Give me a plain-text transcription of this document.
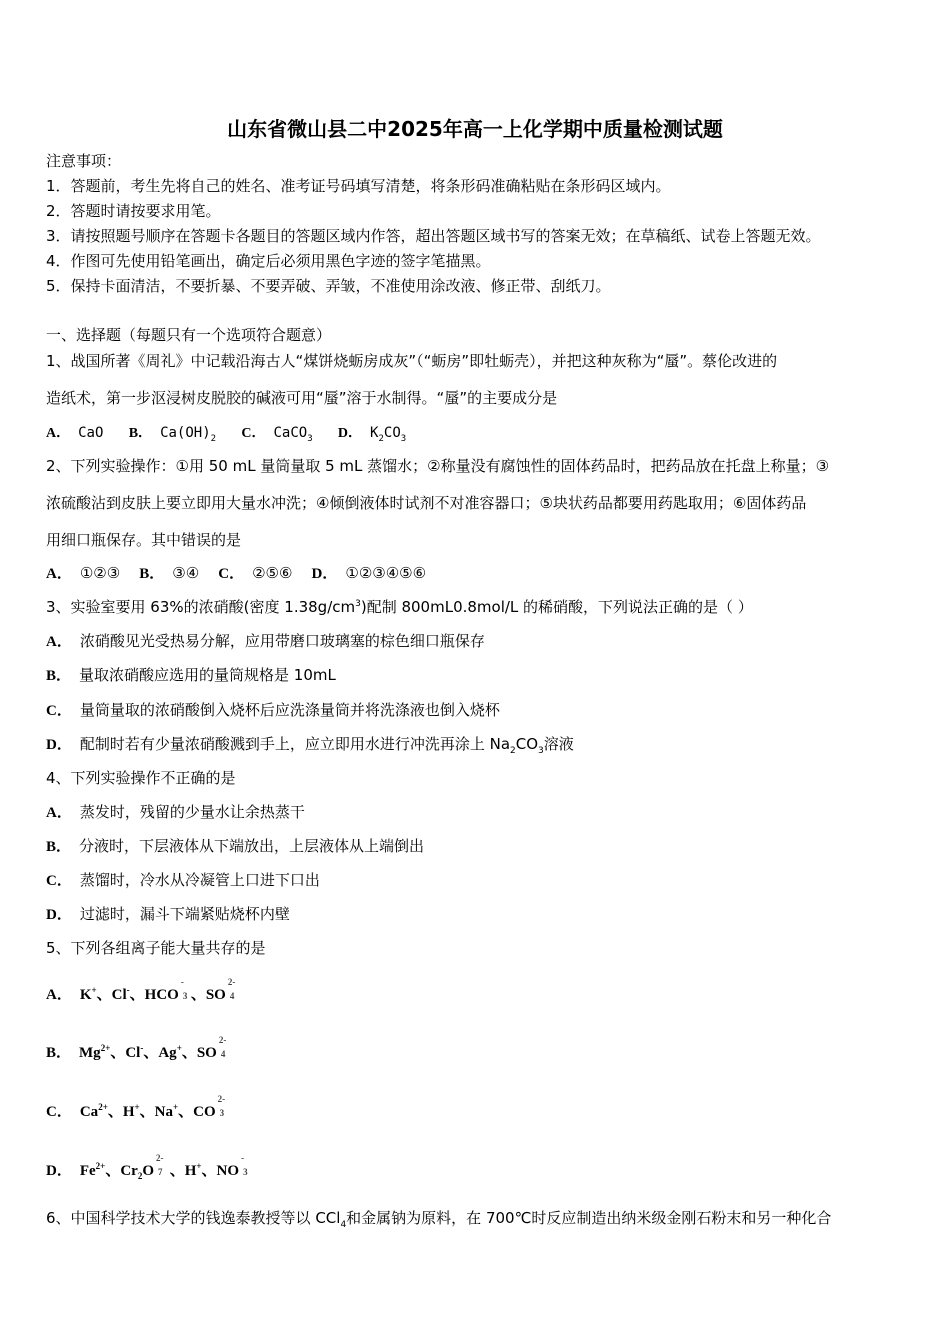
山东省微山县二中2025年高一上化学期中质量检测试题
注意事项：
1．答题前，考生先将自己的姓名、准考证号码填写清楚，将条形码准确粘贴在条形码区域内。
2．答题时请按要求用笔。
3．请按照题号顺序在答题卡各题目的答题区域内作答，超出答题区域书写的答案无效；在草稿纸、试卷上答题无效。
4．作图可先使用铅笔画出，确定后必须用黑色字迹的签字笔描黑。
5．保持卡面清洁，不要折暴、不要弄破、弄皱，不准使用涂改液、修正带、刮纸刀。
一、选择题（每题只有一个选项符合题意）
1、战国所著《周礼》中记载沿海古人“煤饼烧蛎房成灰”（“蛎房”即牡蛎壳），并把这种灰称为“蜃”。蔡伦改进的
造纸术，第一步沤浸树皮脱胶的碱液可用“蜃”溶于水制得。“蜃”的主要成分是
A． CaO B． $Ca(OH)_2$ C． CaCO$_3$ D． $K_2CO_3$
2、下列实验操作：①用 50 mL 量筒量取 5 mL 蒸馏水；②称量没有腐蚀性的固体药品时，把药品放在托盘上称量；③
浓硫酸沾到皮肤上要立即用大量水冲洗；④倾倒液体时试剂不对准容器口；⑤块状药品都要用药匙取用；⑥固体药品
用细口瓶保存。其中错误的是
A． ①②③ B． ③④ C． ②⑤⑥ D． ①②③④⑤⑥
3、实验室要用 63%的浓硝酸(密度 $1.38g/cm^3$)配制 800mL0.8mol/L 的稀硝酸，下列说法正确的是（ ）
A． 浓硝酸见光受热易分解，应用带磨口玻璃塞的棕色细口瓶保存
B． 量取浓硝酸应选用的量筒规格是 10mL
C． 量筒量取的浓硝酸倒入烧杯后应洗涤量筒并将洗涤液也倒入烧杯
D． 配制时若有少量浓硝酸溅到手上，应立即用水进行冲洗再涂上 $Na_2CO_3$溶液
4、下列实验操作不正确的是
A． 蒸发时，残留的少量水让余热蒸干
B． 分液时，下层液体从下端放出，上层液体从上端倒出
C． 蒸馏时，冷水从冷凝管上口进下口出
D． 过滤时，漏斗下端紧贴烧杯内壁
5、下列各组离子能大量共存的是
A． K+、Cl-、HCO
-
3 、SO
2-
4
B． $Mg^{2+}$、Cl-、Ag+、SO
2-
4
C． $Ca^{2+}$、H+、Na+、CO
2-
3
D． $Fe^{2+}$、$Cr_2O$
2-
7 、H+、NO
-
3
6、中国科学技术大学的钱逸泰教授等以 CCl$_4$和金属钠为原料，在 700℃时反应制造出纳米级金刚石粉末和另一种化合
